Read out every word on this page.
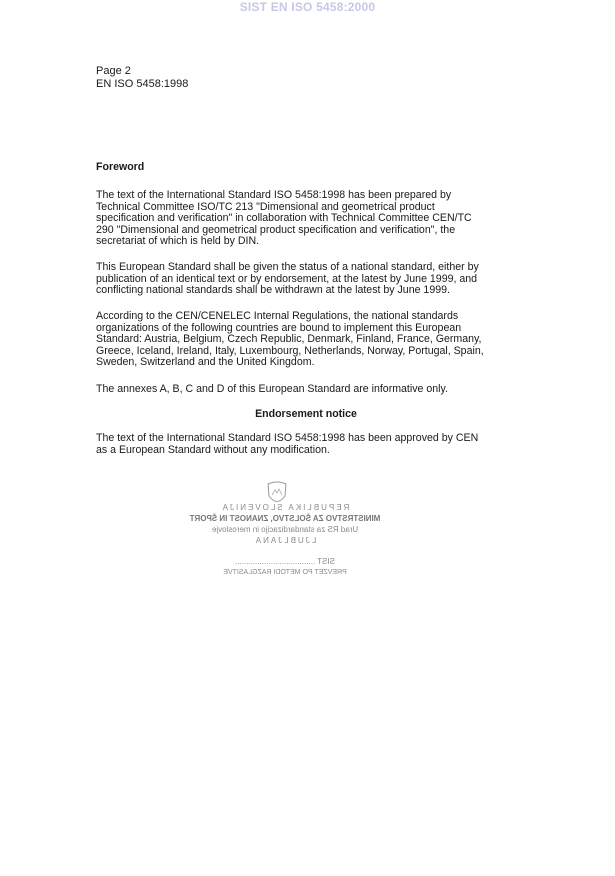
SIST EN ISO 5458:2000
Page 2
EN ISO 5458:1998
Foreword
The text of the International Standard ISO 5458:1998 has been prepared by
Technical Committee ISO/TC 213 "Dimensional and geometrical product
specification and verification" in collaboration with Technical Committee CEN/TC
290 "Dimensional and geometrical product specification and verification", the
secretariat of which is held by DIN.
This European Standard shall be given the status of a national standard, either by
publication of an identical text or by endorsement, at the latest by June 1999, and
conflicting national standards shall be withdrawn at the latest by June 1999.
According to the CEN/CENELEC Internal Regulations, the national standards
organizations of the following countries are bound to implement this European
Standard: Austria, Belgium, Czech Republic, Denmark, Finland, France, Germany,
Greece, Iceland, Ireland, Italy, Luxembourg, Netherlands, Norway, Portugal, Spain,
Sweden, Switzerland and the United Kingdom.
The annexes A, B, C and D of this European Standard are informative only.
Endorsement notice
The text of the International Standard ISO 5458:1998 has been approved by CEN
as a European Standard without any modification.
REPUBLIKA SLOVENIJA
MINISTRSTVO ZA ŠOLSTVO, ZNANOST IN ŠPORT
Urad RS za standardizacijo in meroslovje
LJUBLJANA
SIST ....................................
PREVZET PO METODI RAZGLASITVE
